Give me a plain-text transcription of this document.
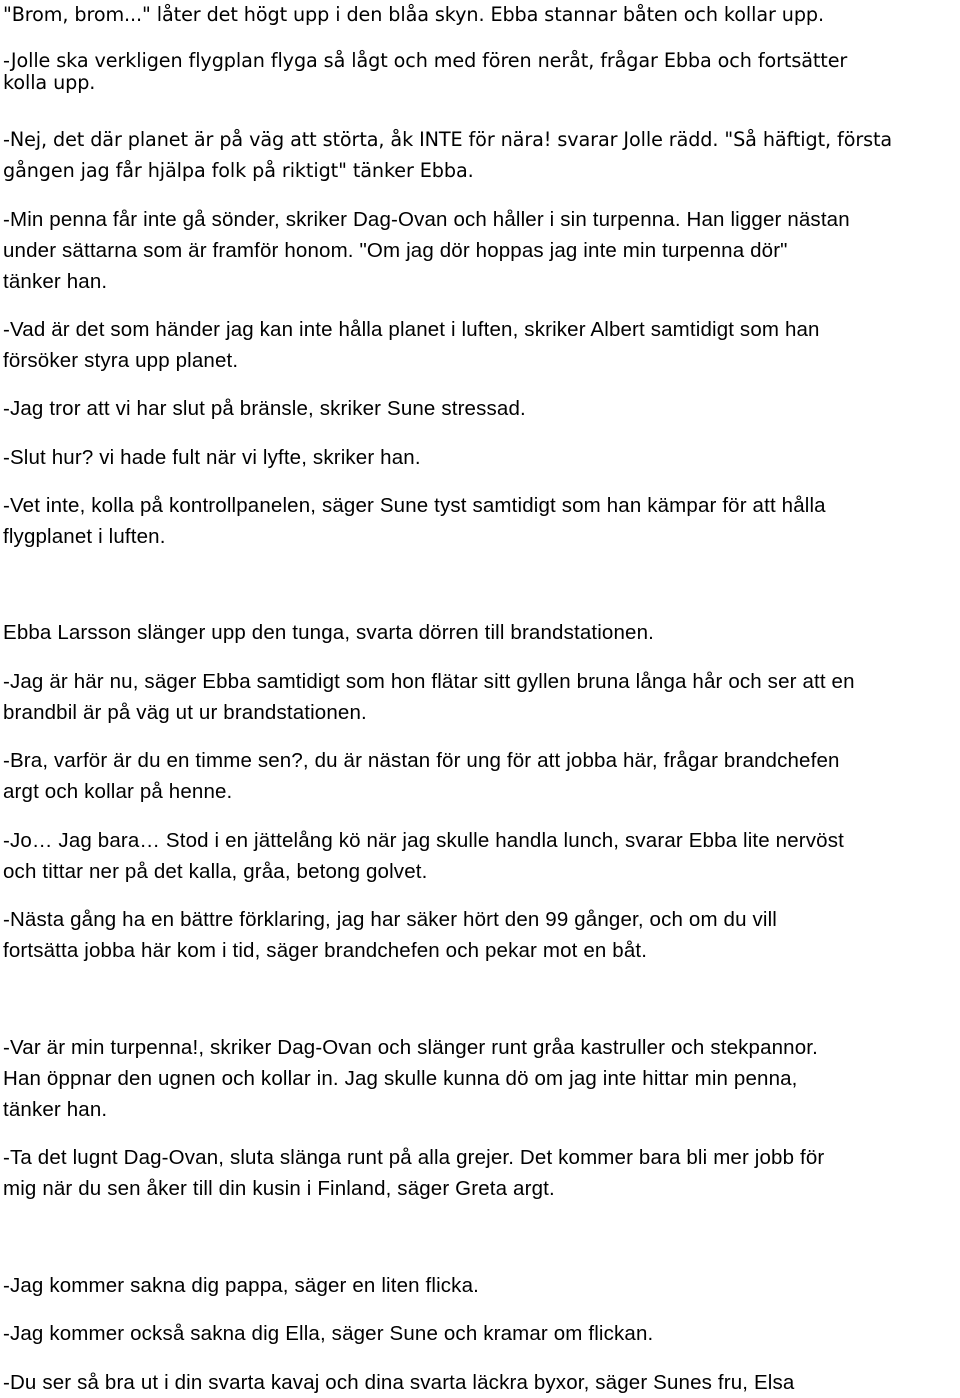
"Brom, brom..." låter det högt upp i den blåa skyn. Ebba stannar båten och kollar upp.

-Jolle ska verkligen flygplan flyga så lågt och med fören neråt, frågar Ebba och fortsätter
kolla upp.

-Nej, det där planet är på väg att störta, åk INTE för nära! svarar Jolle rädd. "Så häftigt, första
gången jag får hjälpa folk på riktigt" tänker Ebba.

-Min penna får inte gå sönder, skriker Dag-Ovan och håller i sin turpenna. Han ligger nästan
under sättarna som är framför honom. "Om jag dör hoppas jag inte min turpenna dör"
tänker han.

-Vad är det som händer jag kan inte hålla planet i luften, skriker Albert samtidigt som han
försöker styra upp planet.

-Jag tror att vi har slut på bränsle, skriker Sune stressad.

-Slut hur? vi hade fult när vi lyfte, skriker han.

-Vet inte, kolla på kontrollpanelen, säger Sune tyst samtidigt som han kämpar för att hålla
flygplanet i luften.

Ebba Larsson slänger upp den tunga, svarta dörren till brandstationen.

-Jag är här nu, säger Ebba samtidigt som hon flätar sitt gyllen bruna långa hår och ser att en
brandbil är på väg ut ur brandstationen.

-Bra, varför är du en timme sen?, du är nästan för ung för att jobba här, frågar brandchefen
argt och kollar på henne.

-Jo… Jag bara… Stod i en jättelång kö när jag skulle handla lunch, svarar Ebba lite nervöst
och tittar ner på det kalla, gråa, betong golvet.

-Nästa gång ha en bättre förklaring, jag har säker hört den 99 gånger, och om du vill
fortsätta jobba här kom i tid, säger brandchefen och pekar mot en båt.

-Var är min turpenna!, skriker Dag-Ovan och slänger runt gråa kastruller och stekpannor.
Han öppnar den ugnen och kollar in. Jag skulle kunna dö om jag inte hittar min penna,
tänker han.

-Ta det lugnt Dag-Ovan, sluta slänga runt på alla grejer. Det kommer bara bli mer jobb för
mig när du sen åker till din kusin i Finland, säger Greta argt.

-Jag kommer sakna dig pappa, säger en liten flicka.

-Jag kommer också sakna dig Ella, säger Sune och kramar om flickan.

-Du ser så bra ut i din svarta kavaj och dina svarta läckra byxor, säger Sunes fru, Elsa
